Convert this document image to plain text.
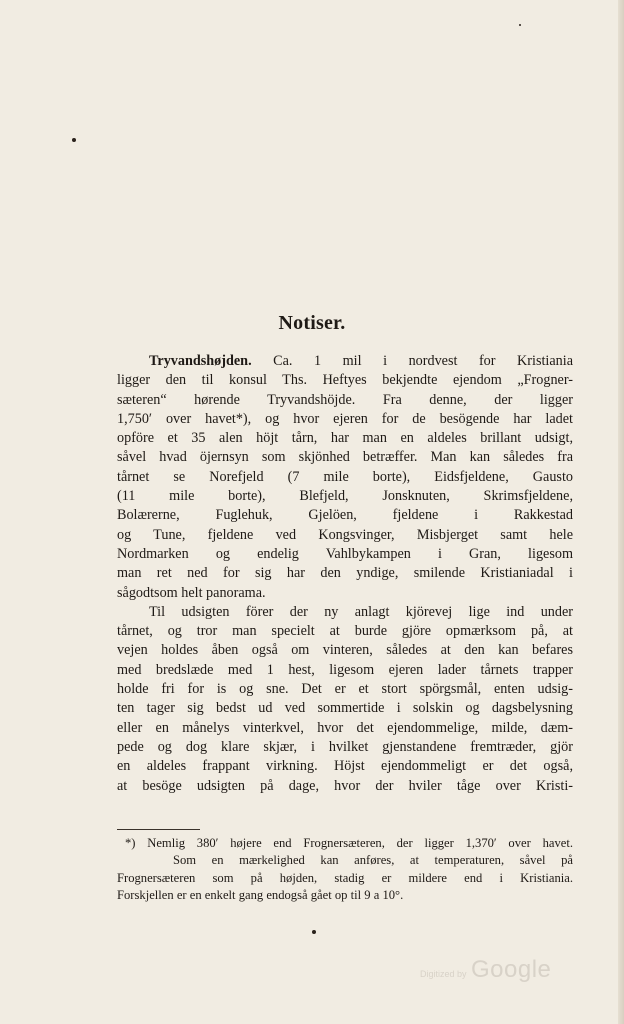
Notiser.
Tryvandshøjden. Ca. 1 mil i nordvest for Kristiania
ligger den til konsul Ths. Heftyes bekjendte ejendom „Frogner-
sæteren“ hørende Tryvandshöjde. Fra denne, der ligger
1,750′ over havet*), og hvor ejeren for de besögende har ladet
opföre et 35 alen höjt tårn, har man en aldeles brillant udsigt,
såvel hvad öjernsyn som skjönhed betræffer. Man kan således fra
tårnet se Norefjeld (7 mile borte), Eidsfjeldene, Gausto
(11 mile borte), Blefjeld, Jonsknuten, Skrimsfjeldene,
Bolærerne, Fuglehuk, Gjelöen, fjeldene i Rakkestad
og Tune, fjeldene ved Kongsvinger, Misbjerget samt hele
Nordmarken og endelig Vahlbykampen i Gran, ligesom
man ret ned for sig har den yndige, smilende Kristianiadal i
sågodtsom helt panorama.
Til udsigten förer der ny anlagt kjörevej lige ind under
tårnet, og tror man specielt at burde gjöre opmærksom på, at
vejen holdes åben også om vinteren, således at den kan befares
med bredslæde med 1 hest, ligesom ejeren lader tårnets trapper
holde fri for is og sne. Det er et stort spörgsmål, enten udsig-
ten tager sig bedst ud ved sommertide i solskin og dagsbelysning
eller en månelys vinterkvel, hvor det ejendommelige, milde, dæm-
pede og dog klare skjær, i hvilket gjenstandene fremtræder, gjör
en aldeles frappant virkning. Höjst ejendommeligt er det også,
at besöge udsigten på dage, hvor der hviler tåge over Kristi-
*) Nemlig 380′ højere end Frognersæteren, der ligger 1,370′ over havet.
Som en mærkelighed kan anføres, at temperaturen, såvel på
Frognersæteren som på højden, stadig er mildere end i Kristiania.
Forskjellen er en enkelt gang endogså gået op til 9 a 10°.
Digitized by Google
